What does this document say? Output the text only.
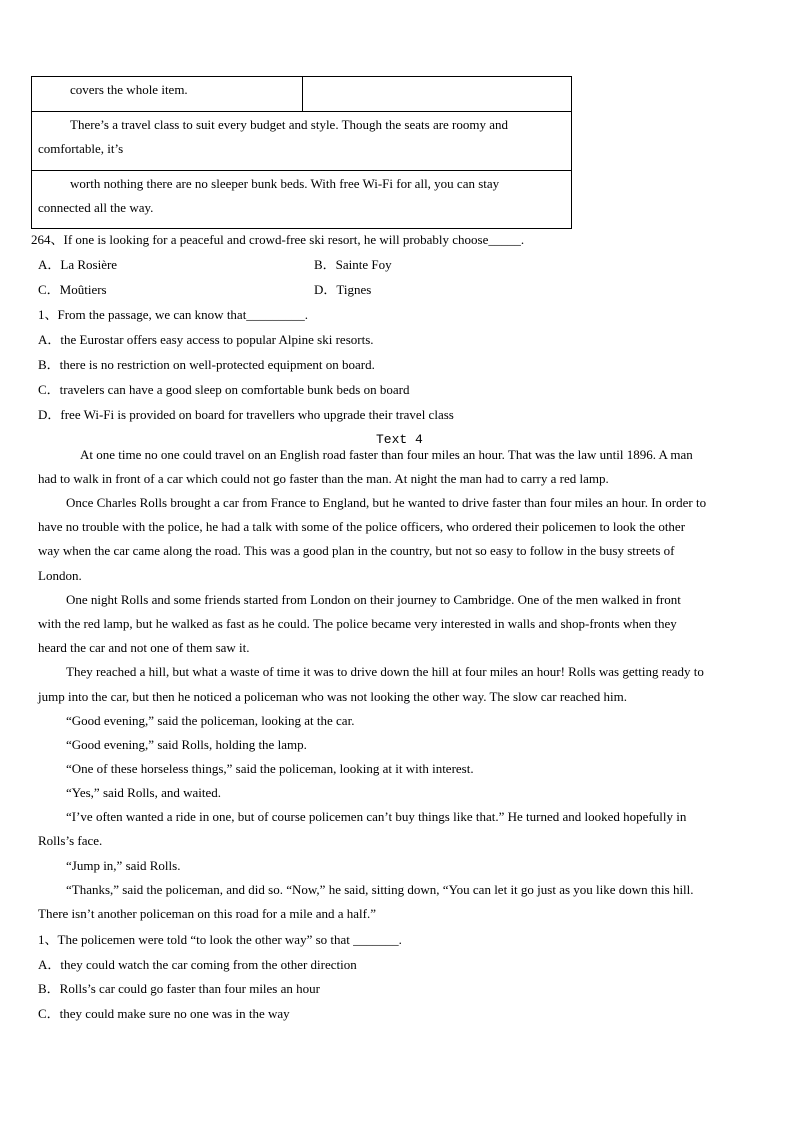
covers the whole item.
There’s a travel class to suit every budget and style. Though the seats are roomy and
comfortable, it’s
worth nothing there are no sleeper bunk beds. With free Wi-Fi for all, you can stay
connected all the way.
264、If one is looking for a peaceful and crowd-free ski resort, he will probably choose_____.
A．La Rosière	B．Sainte Foy
C．Moûtiers	D．Tignes
1、From the passage, we can know that_________.
A．the Eurostar offers easy access to popular Alpine ski resorts.
B．there is no restriction on well-protected equipment on board.
C．travelers can have a good sleep on comfortable bunk beds on board
D．free Wi-Fi is provided on board for travellers who upgrade their travel class
Text 4
At one time no one could travel on an English road faster than four miles an hour. That was the law until 1896. A man
had to walk in front of a car which could not go faster than the man. At night the man had to carry a red lamp.
Once Charles Rolls brought a car from France to England, but he wanted to drive faster than four miles an hour. In order to
have no trouble with the police, he had a talk with some of the police officers, who ordered their policemen to look the other
way when the car came along the road. This was a good plan in the country, but not so easy to follow in the busy streets of
London.
One night Rolls and some friends started from London on their journey to Cambridge. One of the men walked in front
with the red lamp, but he walked as fast as he could. The police became very interested in walls and shop-fronts when they
heard the car and not one of them saw it.
They reached a hill, but what a waste of time it was to drive down the hill at four miles an hour! Rolls was getting ready to
jump into the car, but then he noticed a policeman who was not looking the other way. The slow car reached him.
“Good evening,” said the policeman, looking at the car.
“Good evening,” said Rolls, holding the lamp.
“One of these horseless things,” said the policeman, looking at it with interest.
“Yes,” said Rolls, and waited.
“I’ve often wanted a ride in one, but of course policemen can’t buy things like that.” He turned and looked hopefully in
Rolls’s face.
“Jump in,” said Rolls.
“Thanks,” said the policeman, and did so. “Now,” he said, sitting down, “You can let it go just as you like down this hill.
There isn’t another policeman on this road for a mile and a half.”
1、The policemen were told “to look the other way” so that _______.
A．they could watch the car coming from the other direction
B．Rolls’s car could go faster than four miles an hour
C．they could make sure no one was in the way
